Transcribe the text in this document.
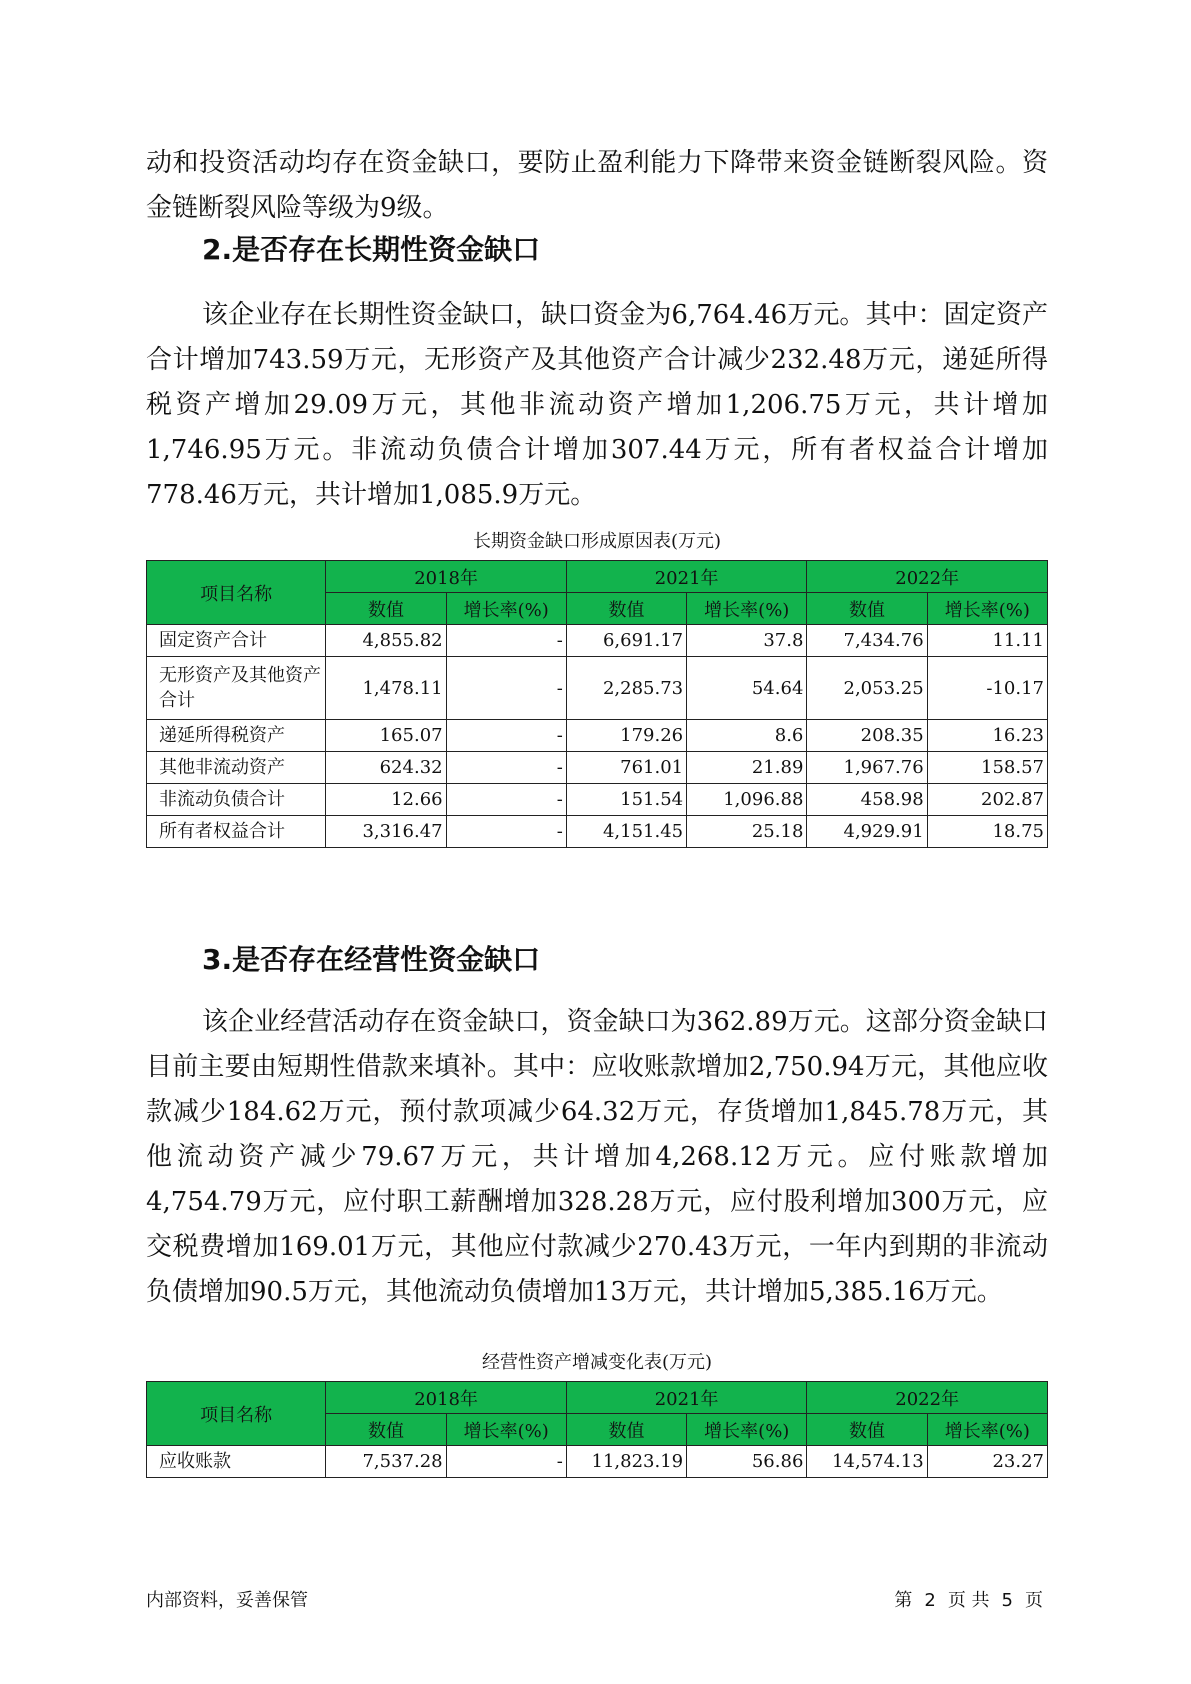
动和投资活动均存在资金缺口，要防止盈利能力下降带来资金链断裂风险。资金链断裂风险等级为9级。

2.是否存在长期性资金缺口

该企业存在长期性资金缺口，缺口资金为6,764.46万元。其中：固定资产合计增加743.59万元，无形资产及其他资产合计减少232.48万元，递延所得税资产增加29.09万元，其他非流动资产增加1,206.75万元，共计增加1,746.95万元。非流动负债合计增加307.44万元，所有者权益合计增加778.46万元，共计增加1,085.9万元。

长期资金缺口形成原因表(万元)

项目名称	2018年		2021年		2022年	
	数值	增长率(%)	数值	增长率(%)	数值	增长率(%)
固定资产合计	4,855.82	-	6,691.17	37.8	7,434.76	11.11
无形资产及其他资产合计	1,478.11	-	2,285.73	54.64	2,053.25	-10.17
递延所得税资产	165.07	-	179.26	8.6	208.35	16.23
其他非流动资产	624.32	-	761.01	21.89	1,967.76	158.57
非流动负债合计	12.66	-	151.54	1,096.88	458.98	202.87
所有者权益合计	3,316.47	-	4,151.45	25.18	4,929.91	18.75
3.是否存在经营性资金缺口

该企业经营活动存在资金缺口，资金缺口为362.89万元。这部分资金缺口目前主要由短期性借款来填补。其中：应收账款增加2,750.94万元，其他应收款减少184.62万元，预付款项减少64.32万元，存货增加1,845.78万元，其他流动资产减少79.67万元，共计增加4,268.12万元。应付账款增加4,754.79万元，应付职工薪酬增加328.28万元，应付股利增加300万元，应交税费增加169.01万元，其他应付款减少270.43万元，一年内到期的非流动负债增加90.5万元，其他流动负债增加13万元，共计增加5,385.16万元。

经营性资产增减变化表(万元)

项目名称	2018年		2021年		2022年	
	数值	增长率(%)	数值	增长率(%)	数值	增长率(%)
应收账款	7,537.28	-	11,823.19	56.86	14,574.13	23.27
内部资料，妥善保管	第 2 页 共 5 页
